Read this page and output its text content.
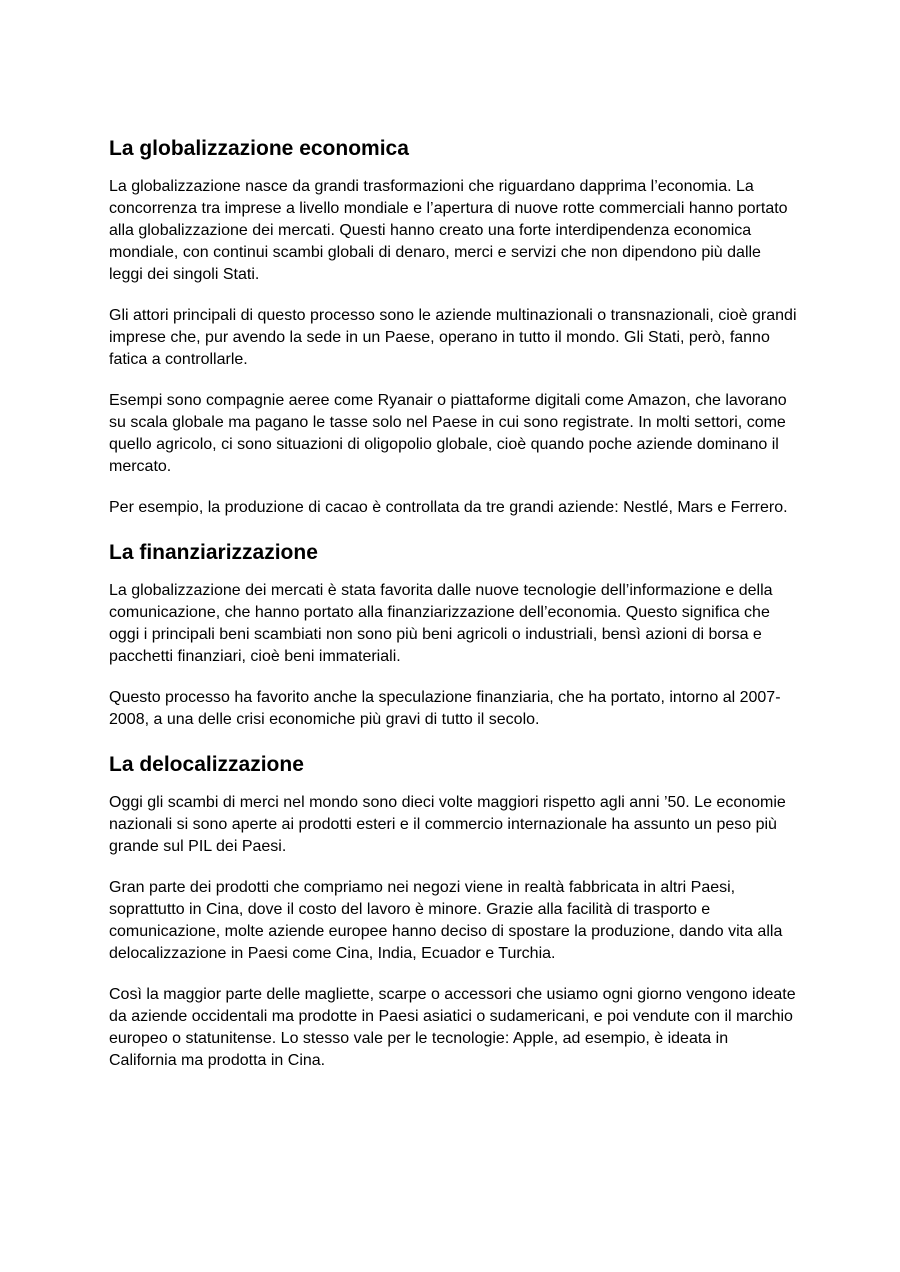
La globalizzazione economica

La globalizzazione nasce da grandi trasformazioni che riguardano dapprima l’economia. La concorrenza tra imprese a livello mondiale e l’apertura di nuove rotte commerciali hanno portato alla globalizzazione dei mercati. Questi hanno creato una forte interdipendenza economica mondiale, con continui scambi globali di denaro, merci e servizi che non dipendono più dalle leggi dei singoli Stati.

Gli attori principali di questo processo sono le aziende multinazionali o transnazionali, cioè grandi imprese che, pur avendo la sede in un Paese, operano in tutto il mondo. Gli Stati, però, fanno fatica a controllarle.

Esempi sono compagnie aeree come Ryanair o piattaforme digitali come Amazon, che lavorano su scala globale ma pagano le tasse solo nel Paese in cui sono registrate. In molti settori, come quello agricolo, ci sono situazioni di oligopolio globale, cioè quando poche aziende dominano il mercato.

Per esempio, la produzione di cacao è controllata da tre grandi aziende: Nestlé, Mars e Ferrero.

La finanziarizzazione

La globalizzazione dei mercati è stata favorita dalle nuove tecnologie dell’informazione e della comunicazione, che hanno portato alla finanziarizzazione dell’economia. Questo significa che oggi i principali beni scambiati non sono più beni agricoli o industriali, bensì azioni di borsa e pacchetti finanziari, cioè beni immateriali.

Questo processo ha favorito anche la speculazione finanziaria, che ha portato, intorno al 2007-2008, a una delle crisi economiche più gravi di tutto il secolo.

La delocalizzazione

Oggi gli scambi di merci nel mondo sono dieci volte maggiori rispetto agli anni ’50. Le economie nazionali si sono aperte ai prodotti esteri e il commercio internazionale ha assunto un peso più grande sul PIL dei Paesi.

Gran parte dei prodotti che compriamo nei negozi viene in realtà fabbricata in altri Paesi, soprattutto in Cina, dove il costo del lavoro è minore. Grazie alla facilità di trasporto e comunicazione, molte aziende europee hanno deciso di spostare la produzione, dando vita alla delocalizzazione in Paesi come Cina, India, Ecuador e Turchia.

Così la maggior parte delle magliette, scarpe o accessori che usiamo ogni giorno vengono ideate da aziende occidentali ma prodotte in Paesi asiatici o sudamericani, e poi vendute con il marchio europeo o statunitense. Lo stesso vale per le tecnologie: Apple, ad esempio, è ideata in California ma prodotta in Cina.
